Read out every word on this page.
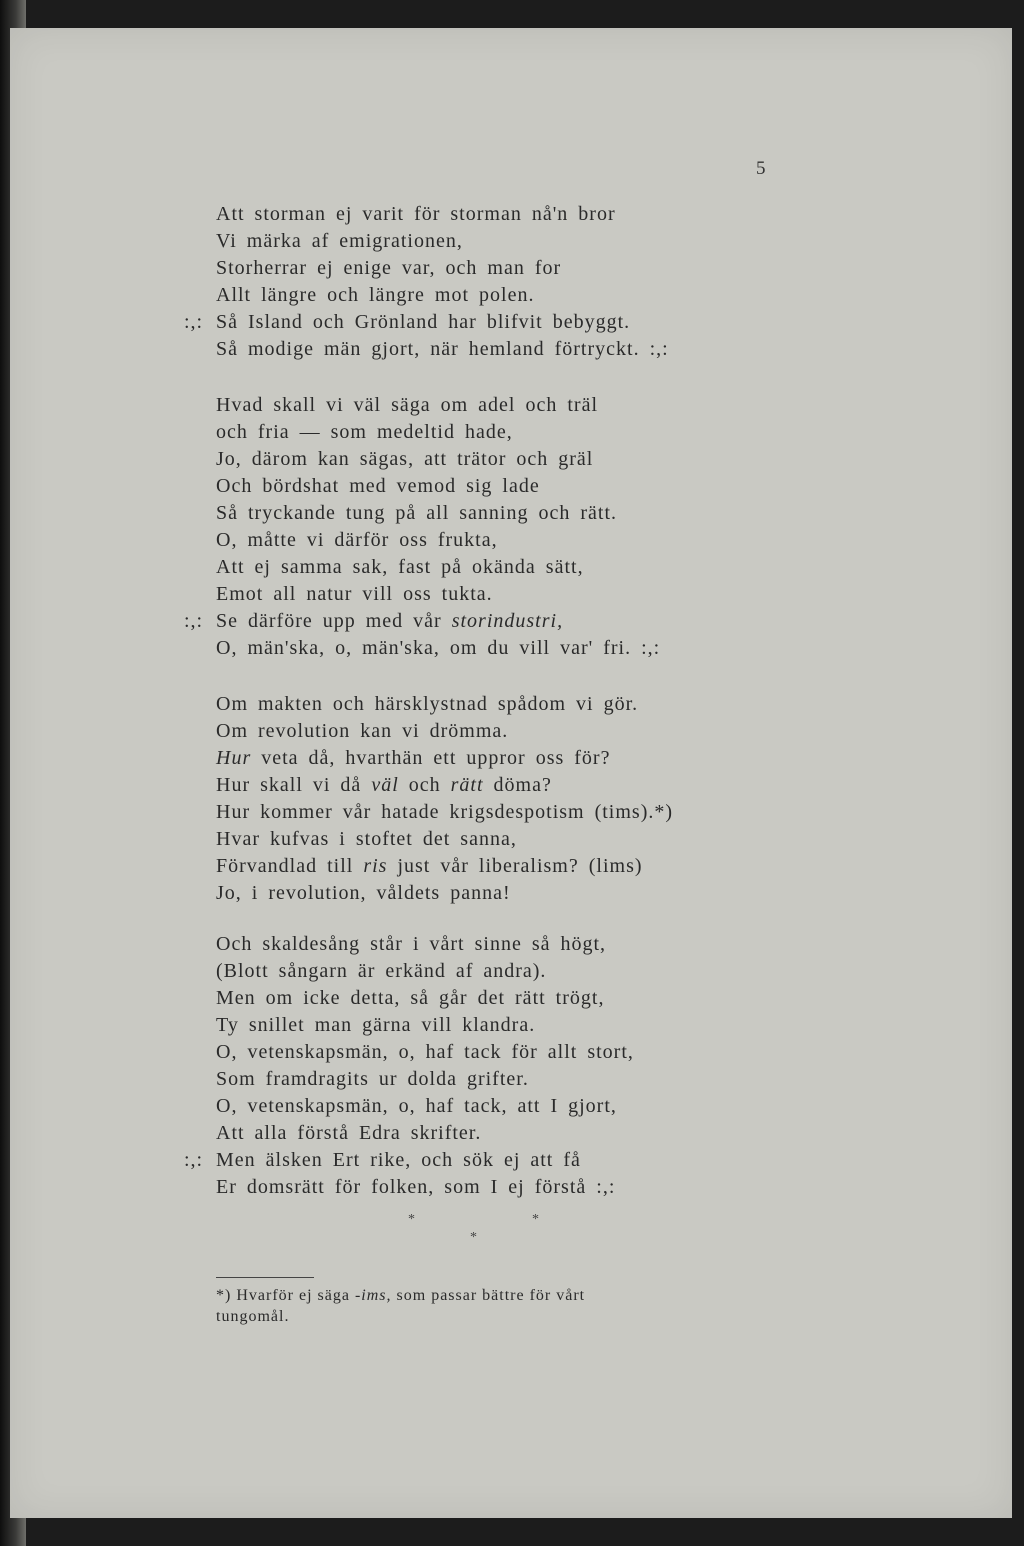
5
Att storman ej varit för storman nå'n bror
Vi märka af emigrationen,
Storherrar ej enige var, och man for
Allt längre och längre mot polen.
:,: Så Island och Grönland har blifvit bebyggt.
Så modige män gjort, när hemland förtryckt. :,:
Hvad skall vi väl säga om adel och träl
och fria — som medeltid hade,
Jo, därom kan sägas, att trätor och gräl
Och bördshat med vemod sig lade
Så tryckande tung på all sanning och rätt.
O, måtte vi därför oss frukta,
Att ej samma sak, fast på okända sätt,
Emot all natur vill oss tukta.
:,: Se därföre upp med vår storindustri,
O, män'ska, o, män'ska, om du vill var' fri. :,:
Om makten och härsklystnad spådom vi gör.
Om revolution kan vi drömma.
Hur veta då, hvarthän ett uppror oss för?
Hur skall vi då väl och rätt döma?
Hur kommer vår hatade krigsdespotism (tims).*)
Hvar kufvas i stoftet det sanna,
Förvandlad till ris just vår liberalism? (lims)
Jo, i revolution, våldets panna!
Och skaldesång står i vårt sinne så högt,
(Blott sångarn är erkänd af andra).
Men om icke detta, så går det rätt trögt,
Ty snillet man gärna vill klandra.
O, vetenskapsmän, o, haf tack för allt stort,
Som framdragits ur dolda grifter.
O, vetenskapsmän, o, haf tack, att I gjort,
Att alla förstå Edra skrifter.
:,: Men älsken Ert rike, och sök ej att få
Er domsrätt för folken, som I ej förstå :,:
*	*
*
*) Hvarför ej säga -ims, som passar bättre för vårt
tungomål.
